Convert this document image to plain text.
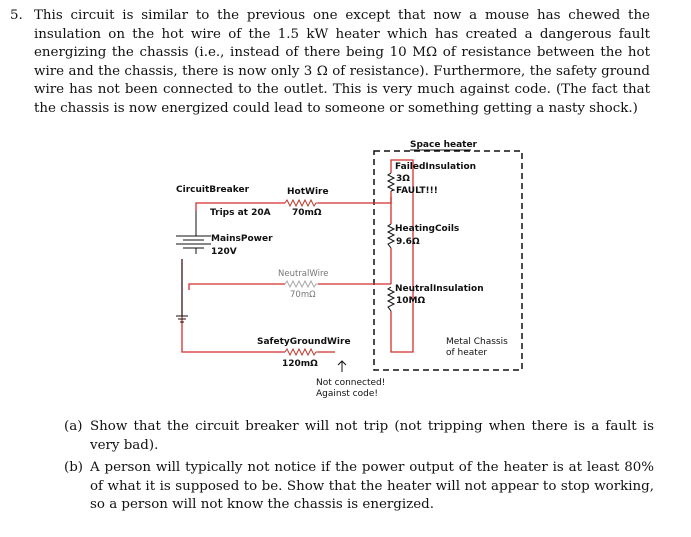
5. This circuit is similar to the previous one except that now a mouse has chewed the insulation on the hot wire of the 1.5 kW heater which has created a dangerous fault energizing the chassis (i.e., instead of there being 10 MΩ of resistance between the hot wire and the chassis, there is now only 3 Ω of resistance). Furthermore, the safety ground wire has not been connected to the outlet. This is very much against code. (The fact that the chassis is now energized could lead to someone or something getting a nasty shock.)
Space heater
FailedInsulation
3Ω
FAULT!!!
CircuitBreaker	HotWire
70mΩ
Trips at 20A
HeatingCoils
9.6Ω
MainsPower
120V
NeutralWire
70mΩ
NeutralInsulation
10MΩ
SafetyGroundWire
120mΩ
Metal Chassis
of heater
Not connected!
Against code!
(a) Show that the circuit breaker will not trip (not tripping when there is a fault is very bad).
(b) A person will typically not notice if the power output of the heater is at least 80% of what it is supposed to be. Show that the heater will not appear to stop working, so a person will not know the chassis is energized.
